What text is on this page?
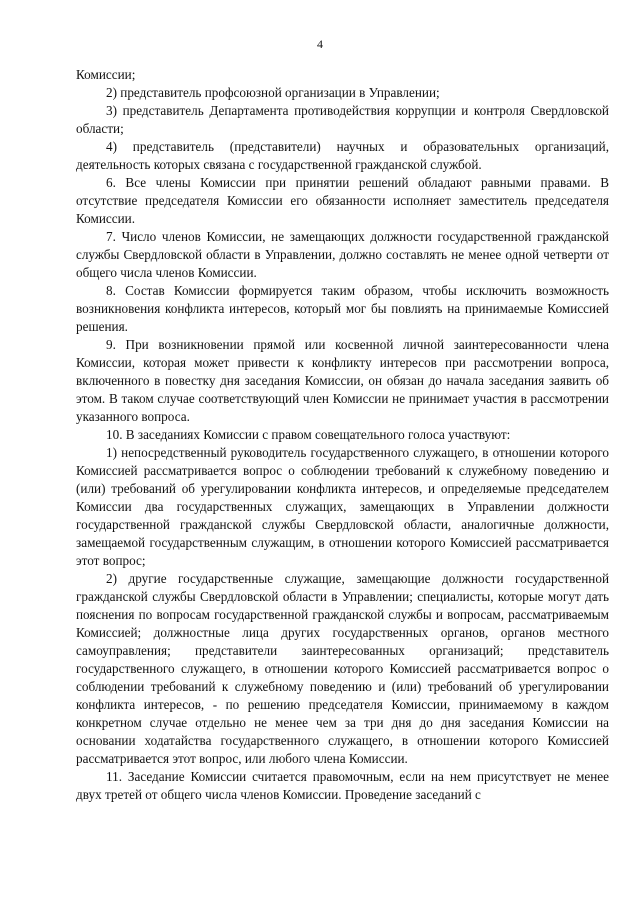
4

Комиссии;

2) представитель профсоюзной организации в Управлении;

3) представитель Департамента противодействия коррупции и контроля Свердловской области;

4) представитель (представители) научных и образовательных организаций, деятельность которых связана с государственной гражданской службой.

6. Все члены Комиссии при принятии решений обладают равными правами. В отсутствие председателя Комиссии его обязанности исполняет заместитель председателя Комиссии.

7. Число членов Комиссии, не замещающих должности государственной гражданской службы Свердловской области в Управлении, должно составлять не менее одной четверти от общего числа членов Комиссии.

8. Состав Комиссии формируется таким образом, чтобы исключить возможность возникновения конфликта интересов, который мог бы повлиять на принимаемые Комиссией решения.

9. При возникновении прямой или косвенной личной заинтересованности члена Комиссии, которая может привести к конфликту интересов при рассмотрении вопроса, включенного в повестку дня заседания Комиссии, он обязан до начала заседания заявить об этом. В таком случае соответствующий член Комиссии не принимает участия в рассмотрении указанного вопроса.

10. В заседаниях Комиссии с правом совещательного голоса участвуют:

1) непосредственный руководитель государственного служащего, в отношении которого Комиссией рассматривается вопрос о соблюдении требований к служебному поведению и (или) требований об урегулировании конфликта интересов, и определяемые председателем Комиссии два государственных служащих, замещающих в Управлении должности государственной гражданской службы Свердловской области, аналогичные должности, замещаемой государственным служащим, в отношении которого Комиссией рассматривается этот вопрос;

2) другие государственные служащие, замещающие должности государственной гражданской службы Свердловской области в Управлении; специалисты, которые могут дать пояснения по вопросам государственной гражданской службы и вопросам, рассматриваемым Комиссией; должностные лица других государственных органов, органов местного самоуправления; представители заинтересованных организаций; представитель государственного служащего, в отношении которого Комиссией рассматривается вопрос о соблюдении требований к служебному поведению и (или) требований об урегулировании конфликта интересов, - по решению председателя Комиссии, принимаемому в каждом конкретном случае отдельно не менее чем за три дня до дня заседания Комиссии на основании ходатайства государственного служащего, в отношении которого Комиссией рассматривается этот вопрос, или любого члена Комиссии.

11. Заседание Комиссии считается правомочным, если на нем присутствует не менее двух третей от общего числа членов Комиссии. Проведение заседаний с
